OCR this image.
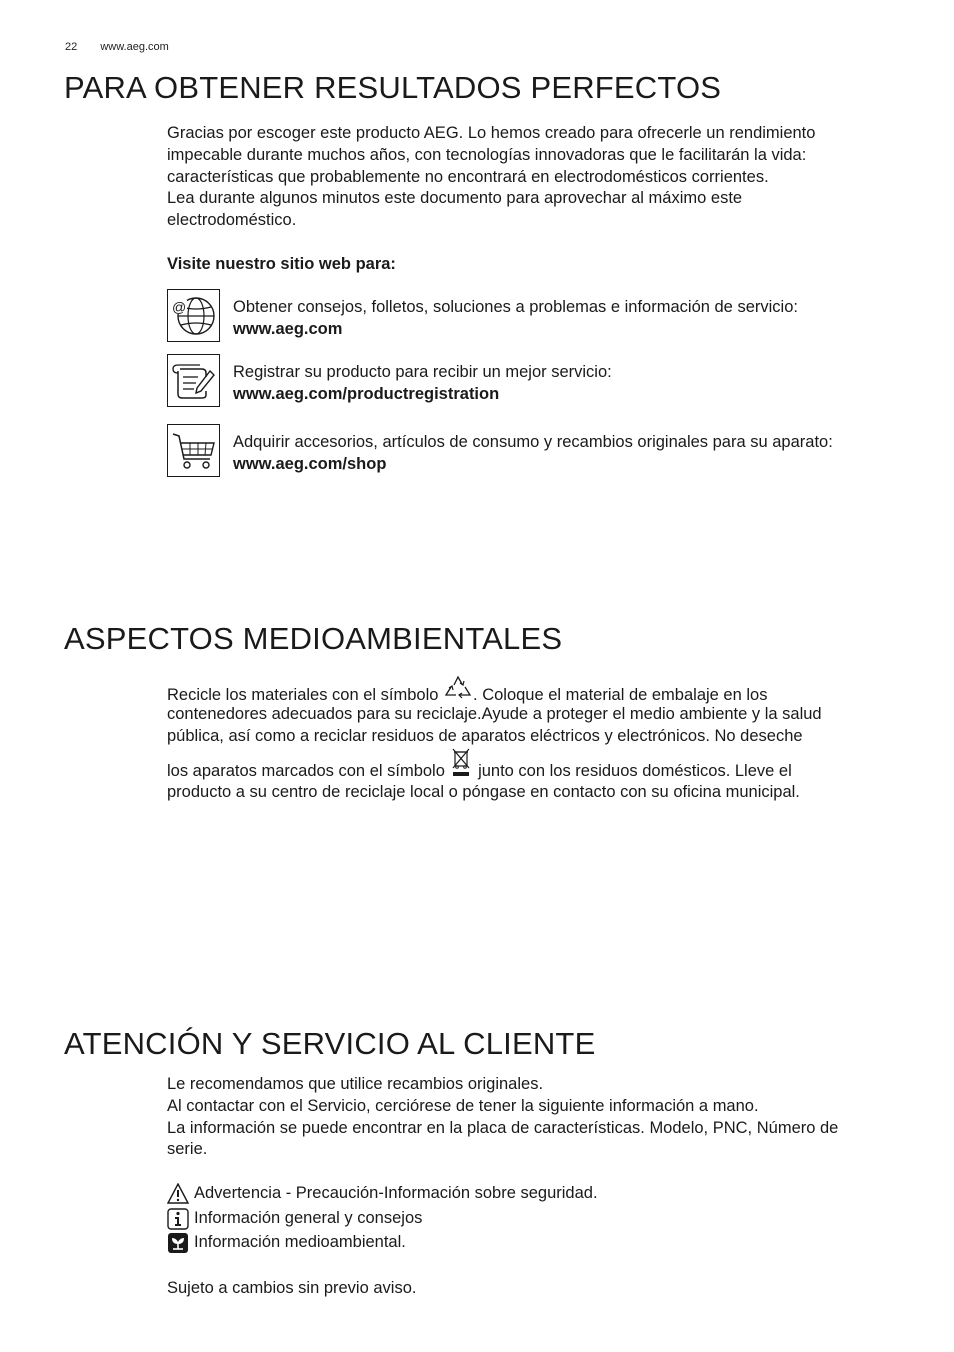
22 www.aeg.com
PARA OBTENER RESULTADOS PERFECTOS

Gracias por escoger este producto AEG. Lo hemos creado para ofrecerle un rendimiento

impecable durante muchos años, con tecnologías innovadoras que le facilitarán la vida:

características que probablemente no encontrará en electrodomésticos corrientes.

Lea durante algunos minutos este documento para aprovechar al máximo este

electrodoméstico.

Visite nuestro sitio web para:
@	Obtener consejos, folletos, soluciones a problemas e información de servicio:
www.aeg.com
Registrar su producto para recibir un mejor servicio:
www.aeg.com/productregistration
Adquirir accesorios, artículos de consumo y recambios originales para su aparato:
www.aeg.com/shop
ASPECTOS MEDIOAMBIENTALES

Recicle los materiales con el símbolo . Coloque el material de embalaje en los

contenedores adecuados para su reciclaje.Ayude a proteger el medio ambiente y la salud

pública, así como a reciclar residuos de aparatos eléctricos y electrónicos. No deseche

los aparatos marcados con el símbolo  junto con los residuos domésticos. Lleve el

producto a su centro de reciclaje local o póngase en contacto con su oficina municipal.

ATENCIÓN Y SERVICIO AL CLIENTE

Le recomendamos que utilice recambios originales.

Al contactar con el Servicio, cerciórese de tener la siguiente información a mano.

La información se puede encontrar en la placa de características. Modelo, PNC, Número de

serie.

Advertencia - Precaución-Información sobre seguridad.
Información general y consejos
Información medioambiental.
Sujeto a cambios sin previo aviso.
